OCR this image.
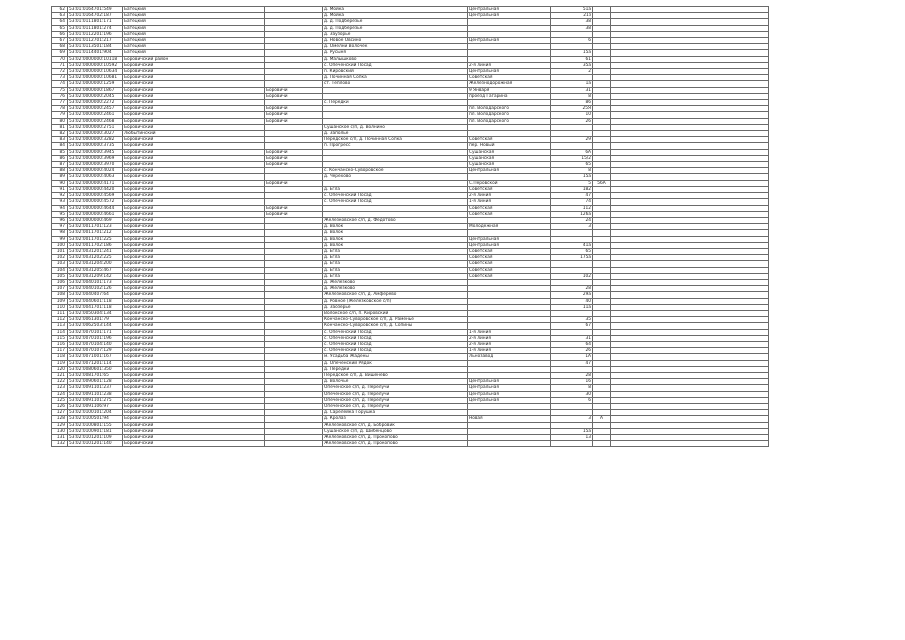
62	53:01:0164701:549	Батецкий		д. Мойка	Центральная	51а		
63	53:01:0164702:187	Батецкий		д. Мойка	Центральная	21з		
64	53:01:0111801:171	Батецкий		д. д. Подберезье		38		
65	53:01:0111801:274	Батецкий		д. д. Подберезье		38		
66	53:01:0112201:196	Батецкий		д. Заузорье				
67	53:01:0112701:217	Батецкий		д. Новое Овсино	Центральная	6		
68	53:01:0113501:184	Батецкий		д. Омелни Волочёк				
69	53:01:0114401:904	Батецкий		д. Русыня		15а		
70	53:02:0000000:10118	Боровичский район		д. Малышково		61		
71	53:02:0000000:10592	Боровичский		с. Опеченский Посад	2-я линия	35а		
72	53:02:0000000:10634	Боровичский		п. Кировский	Центральная	2		
73	53:02:0000000:10681	Боровичский		д. Починная Сопка	Советская			
74	53:02:0000000:1259	Боровичский		ст. Тёплово	Железнодорожная	1а		
75	53:02:0000000:1867	Боровичский	Боровичи		9 Января	31		
76	53:02:0000000:2045	Боровичский	Боровичи		проезд Гагарина	8		
77	53:02:0000000:2272	Боровичский		с. Перёдки		86		
78	53:02:0000000:2457	Боровичский	Боровичи		пл. Володарского	25Я		
79	53:02:0000000:2461	Боровичский	Боровичи		пл. Володарского	10		
80	53:02:0000000:2468	Боровичский	Боровичи		пл. Володарского	26		
81	53:02:0000000:2751	Боровичский		Сушанское с/п, д. Волнино				
82	53:02:0000000:3027	Любытинский		д. Заполье				
83	53:02:0000000:3282	Боровичский		Перёдское с/п, д. Починная Сопка	Советская	29		
84	53:02:0000000:3735	Боровичский		п. Прогресс	пер. Новый			
85	53:02:0000000:3945	Боровичский	Боровичи		Сушанская	6А		
86	53:02:0000000:3969	Боровичский	Боровичи		Сушанская	15/2		
87	53:02:0000000:3970	Боровичский	Боровичи		Сушанская	65		
88	53:02:0000000:4024	Боровичский		с. Кончанско-Суворовское	Центральная	8		
89	53:02:0000000:4063	Боровичский		д. Черехово		15а		
90	53:02:0000000:4171	Боровичский	Боровичи		С.Перовской	5	56А	
91	53:02:0000000:4420	Боровичский		д. Ёгла	Советская	182		
92	53:02:0000000:4569	Боровичский		с. Опеченский Посад	2-я линия	47		
93	53:02:0000000:4572	Боровичский		с. Опеченский Посад	1-я линия	74		
94	53:02:0000000:4644	Боровичский	Боровичи		Советская	112		
95	53:02:0000000:4661	Боровичский	Боровичи		Советская	126а		
96	53:02:0000000:469	Боровичский		Железковское с/п, д. Фёдотово		24		
97	53:02:0011701:123	Боровичский		д. Волок	Молодёжная	3		
98	53:02:0011701:212	Боровичский		д. Волок				
99	53:02:0011701:225	Боровичский		д. Волок	Центральная			
100	53:02:0011702:186	Боровичский		д. Волок	Центральная	41а		
101	53:02:0031201:241	Боровичский		д. Ёгла	Советская	65		
102	53:02:0031202:225	Боровичский		д. Ёгла	Советская	175а		
103	53:02:0031204:200	Боровичский		д. Ёгла	Советская			
104	53:02:0031205:467	Боровичский		д. Ёгла	Советская			
105	53:02:0031209:142	Боровичский		д. Ёгла	Советская	102		
106	53:02:0040101:173	Боровичский		д. Железково				
107	53:02:0040102:126	Боровичский		д. Железково		28		
108	53:02:0040407:64	Боровичский		Железковское с/п, д. Амфёрево		29а		
109	53:02:0040601:118	Боровичский		д. Ровное (Железковское с/п)		40		
110	53:02:0041701:118	Боровичский		д. Заозерье		11а		
111	53:02:0050304:134	Боровичский		Волокское с/п, п. Кировский				
112	53:02:0061301:79	Боровичский		Кончанско-Суворовское с/п, д. Раменье		35		
113	53:02:0062503:144	Боровичский		Кончанско-Суворовское с/п, д. Сопины		67		
114	53:02:0070101:171	Боровичский		с. Опеченский Посад	1-я линия			
115	53:02:0070101:196	Боровичский		с. Опеченский Посад	2-я линия	31		
116	53:02:0070104:140	Боровичский		с. Опеченский Посад	2-я линия	64		
117	53:02:0070107:129	Боровичский		с. Опеченский Посад	1-я линия	26		
118	53:02:0071001:167	Боровичский		м. Усадьба Жадены	Льнозавод	1А		
119	53:02:0071201:114	Боровичский		д. Опеченский Рядок		47		
120	53:02:0080601:350	Боровичский		д. Перёдки				
121	53:02:0081701:65	Боровичский		Перёдское с/п, д. Вишенёво		28		
122	53:02:0090601:128	Боровичский		д. Волочье	Центральная	16		
123	53:02:0091101:237	Боровичский		Опеченское с/п, д. Перелучи	Центральная	8		
124	53:02:0091101:238	Боровичский		Опеченское с/п, д. Перелучи	Центральная	30		
125	53:02:0091101:275	Боровичский		Опеченское с/п, д. Перелучи	Центральная	6		
126	53:02:0091106:97	Боровичский		Опеченское с/п, д. Перелучи				
127	53:02:0100101:204	Боровичский		д. Сарелейка Горушка				
128	53:02:0100501:94	Боровичский		д. Кролаз	Новая	3	А	
129	53:02:0100801:155	Боровичский		Железковское с/п, д. Бобровик				
130	53:02:0100901:181	Боровичский		Сушанское с/п, д. Шибенцово		15а		
131	53:02:0101201:109	Боровичский		Железковское с/п, д. Прокопово		13		
132	53:02:0101201:140	Боровичский		Железковское с/п, д. Прокопово				
